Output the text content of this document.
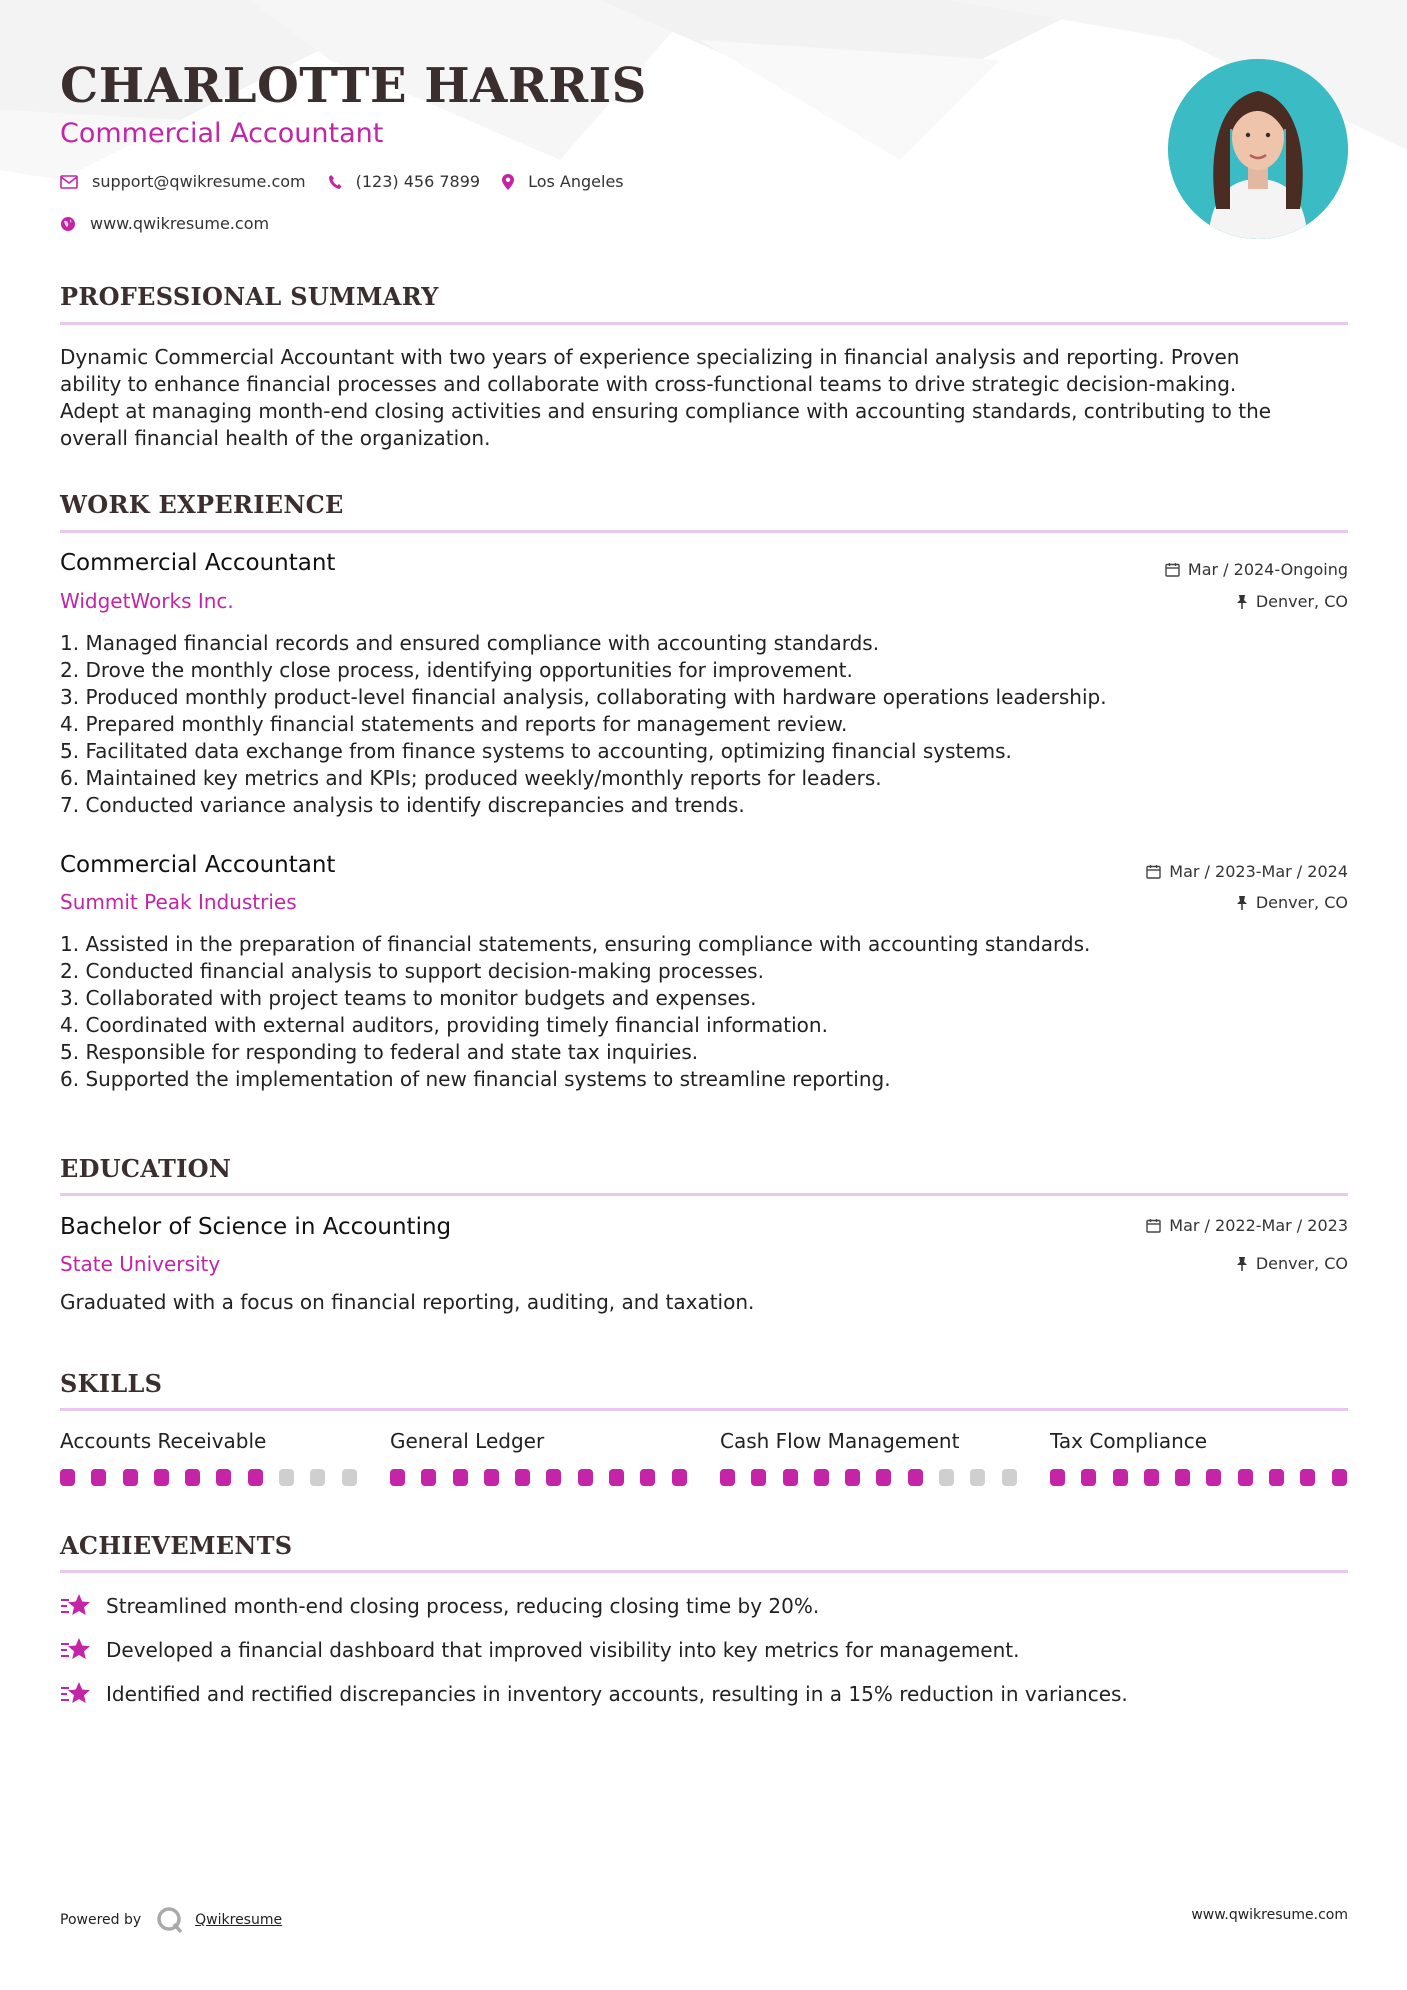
CHARLOTTE HARRIS
Commercial Accountant
support@qwikresume.com	(123) 456 7899	Los Angeles
www.qwikresume.com
PROFESSIONAL SUMMARY
Dynamic Commercial Accountant with two years of experience specializing in financial analysis and reporting. Proven
ability to enhance financial processes and collaborate with cross-functional teams to drive strategic decision-making.
Adept at managing month-end closing activities and ensuring compliance with accounting standards, contributing to the
overall financial health of the organization.
WORK EXPERIENCE
Commercial Accountant	Mar / 2024-Ongoing
WidgetWorks Inc.	Denver, CO
1. Managed financial records and ensured compliance with accounting standards.
2. Drove the monthly close process, identifying opportunities for improvement.
3. Produced monthly product-level financial analysis, collaborating with hardware operations leadership.
4. Prepared monthly financial statements and reports for management review.
5. Facilitated data exchange from finance systems to accounting, optimizing financial systems.
6. Maintained key metrics and KPIs; produced weekly/monthly reports for leaders.
7. Conducted variance analysis to identify discrepancies and trends.
Commercial Accountant	Mar / 2023-Mar / 2024
Summit Peak Industries	Denver, CO
1. Assisted in the preparation of financial statements, ensuring compliance with accounting standards.
2. Conducted financial analysis to support decision-making processes.
3. Collaborated with project teams to monitor budgets and expenses.
4. Coordinated with external auditors, providing timely financial information.
5. Responsible for responding to federal and state tax inquiries.
6. Supported the implementation of new financial systems to streamline reporting.
EDUCATION
Bachelor of Science in Accounting	Mar / 2022-Mar / 2023
State University	Denver, CO
Graduated with a focus on financial reporting, auditing, and taxation.
SKILLS
Accounts Receivable	General Ledger	Cash Flow Management	Tax Compliance
ACHIEVEMENTS
Streamlined month-end closing process, reducing closing time by 20%.
Developed a financial dashboard that improved visibility into key metrics for management.
Identified and rectified discrepancies in inventory accounts, resulting in a 15% reduction in variances.
Powered by	Qwikresume	www.qwikresume.com
